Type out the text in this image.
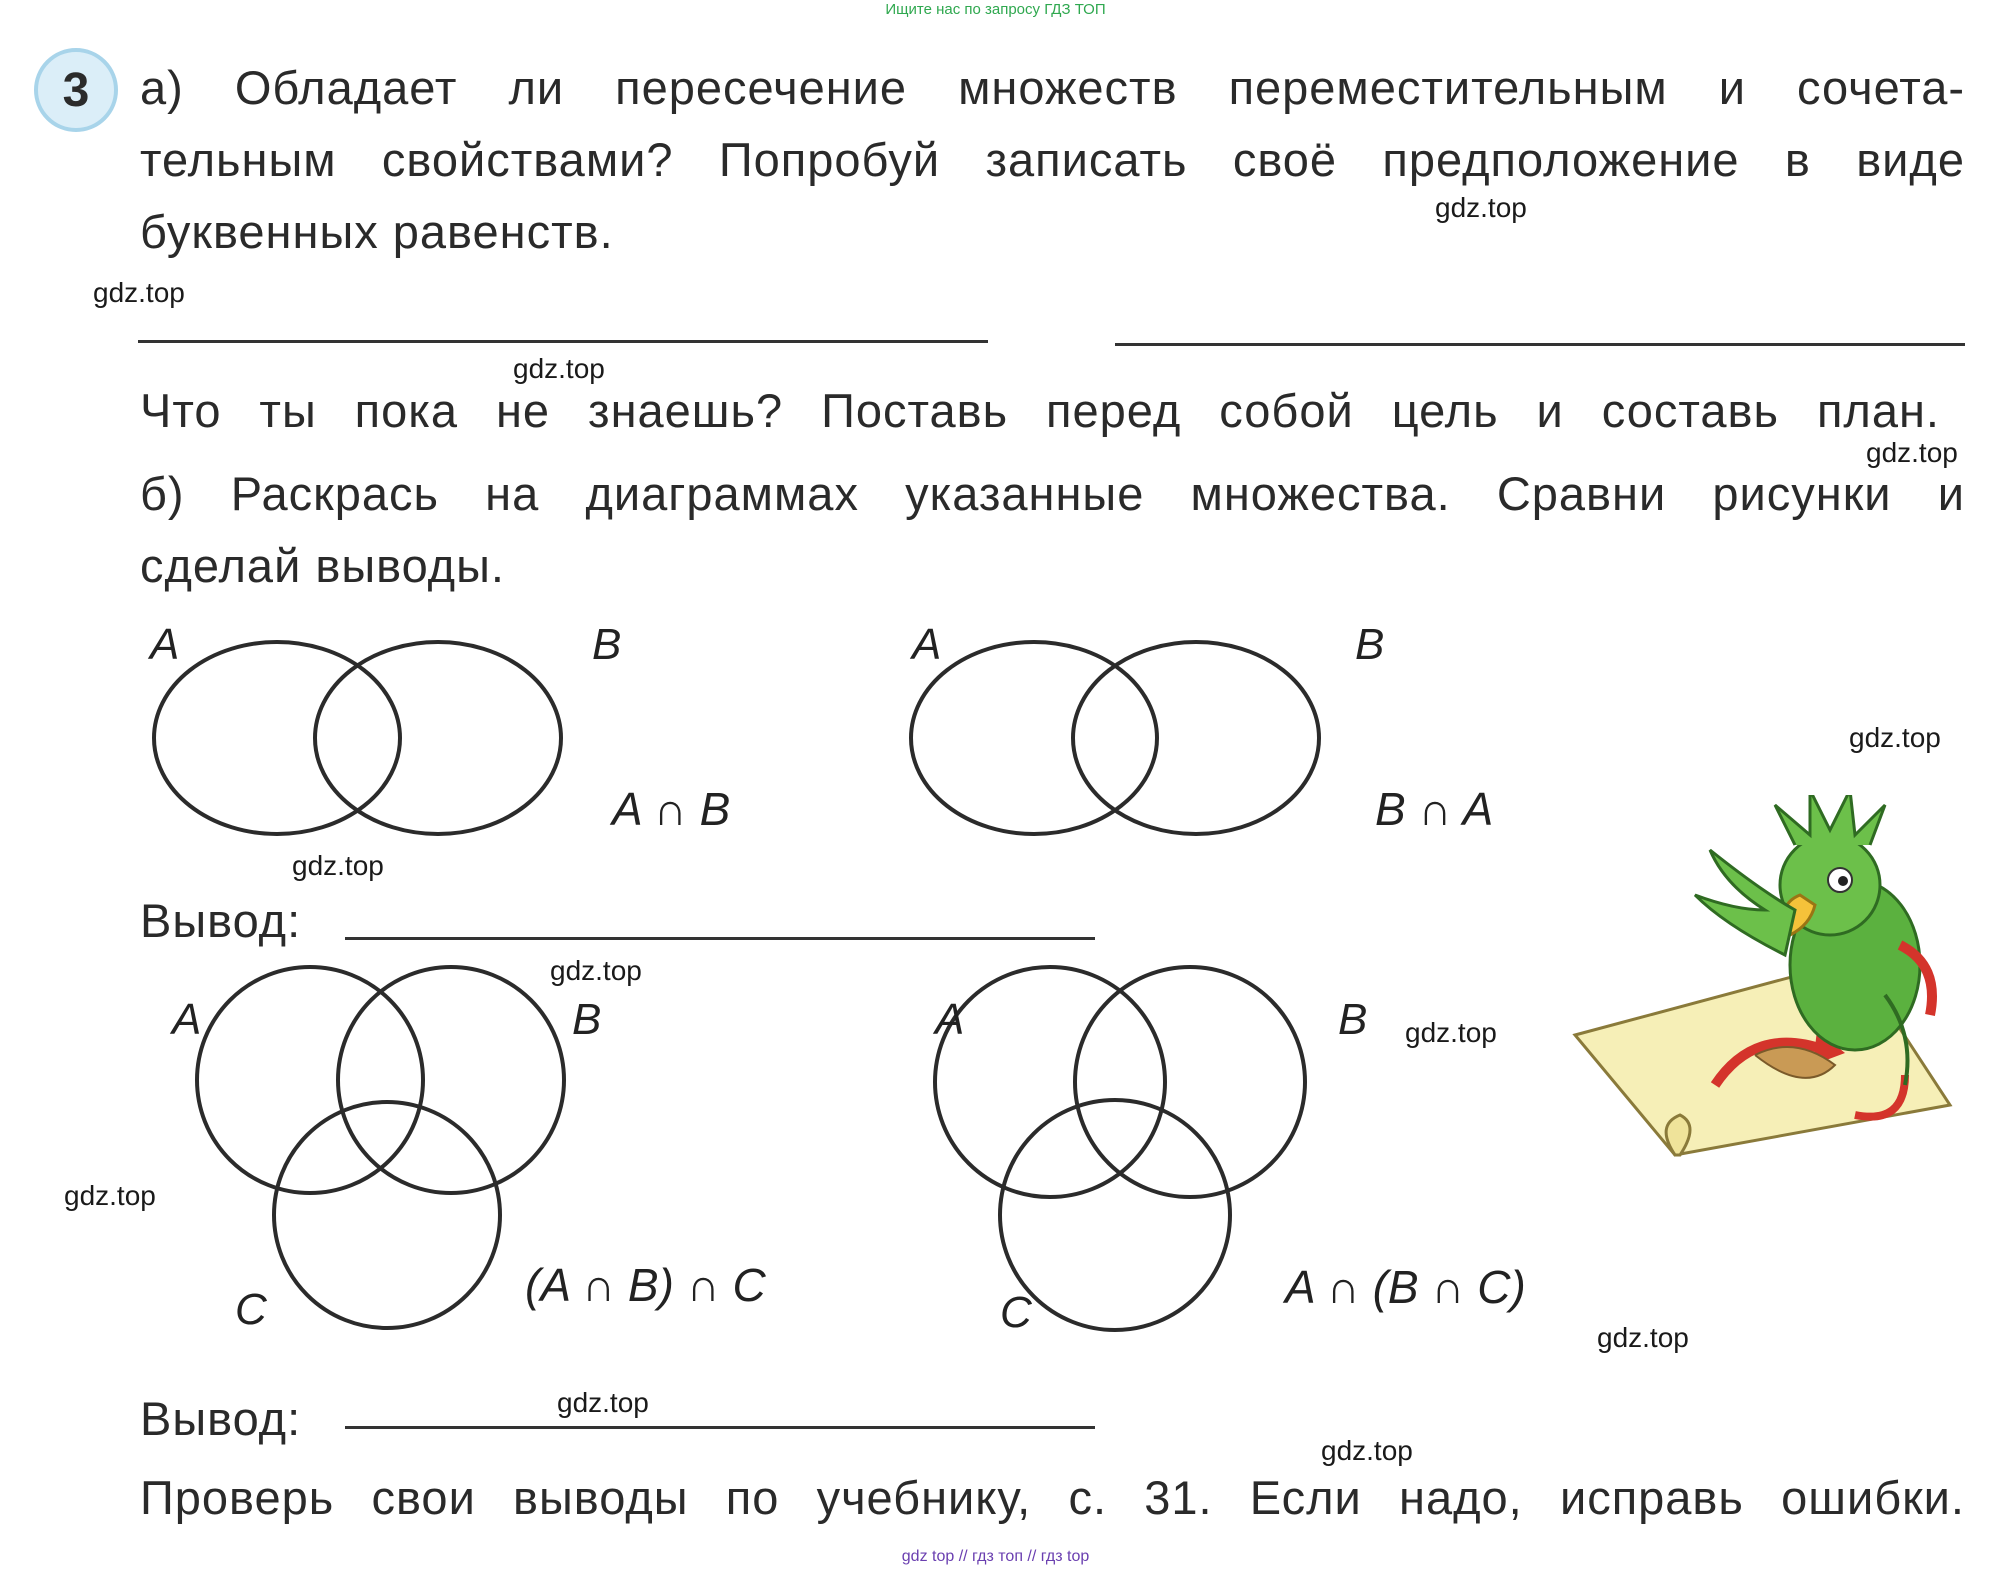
Ищите нас по запросу ГДЗ ТОП
3	а) Обладает ли пересечение множеств переместительным и сочета-
тельным свойствами? Попробуй записать своё предположение в виде
буквенных равенств.
Что ты пока не знаешь? Поставь перед собой цель и составь план.
б) Раскрась на диаграммах указанные множества. Сравни рисунки и
сделай выводы.
A	B
A ∩ B
A	B
B ∩ A
Вывод:
A	B
C	(A ∩ B) ∩ C
A	B
C	A ∩ (B ∩ C)
Вывод:
Проверь свои выводы по учебнику, с. 31. Если надо, исправь ошибки.
gdz.top
gdz.top
gdz.top
gdz.top
gdz.top
gdz.top
gdz.top
gdz.top
gdz.top
gdz.top
gdz.top
gdz.top
gdz top // гдз топ // гдз top
